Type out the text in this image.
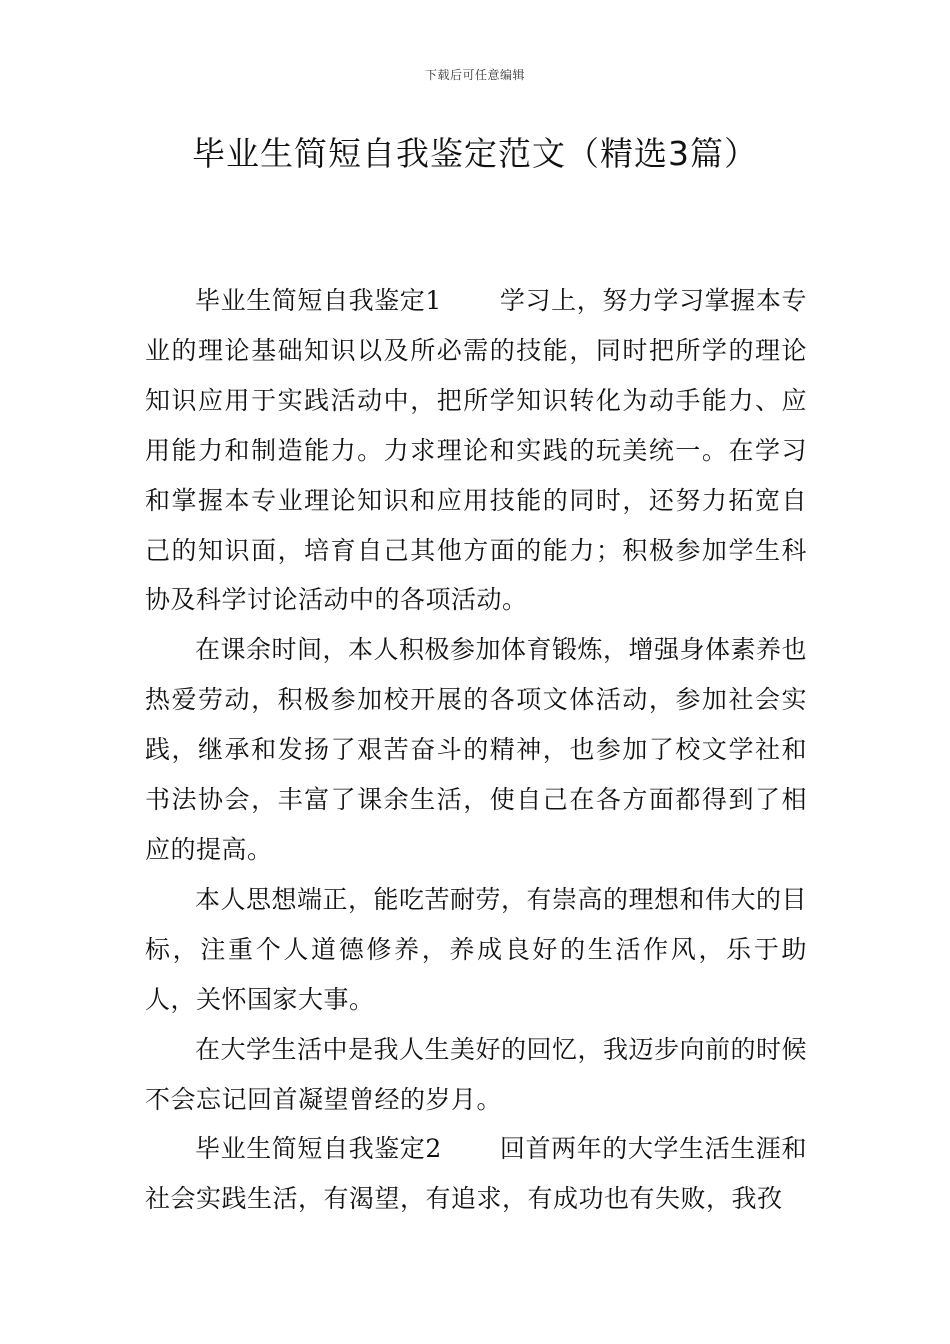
下载后可任意编辑
毕业生简短自我鉴定范文（精选3篇）

毕业生简短自我鉴定1 学习上，努力学习掌握本专业的理论基础知识以及所必需的技能，同时把所学的理论知识应用于实践活动中，把所学知识转化为动手能力、应用能力和制造能力。力求理论和实践的玩美统一。在学习和掌握本专业理论知识和应用技能的同时，还努力拓宽自己的知识面，培育自己其他方面的能力；积极参加学生科协及科学讨论活动中的各项活动。

在课余时间，本人积极参加体育锻炼，增强身体素养也热爱劳动，积极参加校开展的各项文体活动，参加社会实践，继承和发扬了艰苦奋斗的精神，也参加了校文学社和书法协会，丰富了课余生活，使自己在各方面都得到了相应的提高。

本人思想端正，能吃苦耐劳，有崇高的理想和伟大的目标，注重个人道德修养，养成良好的生活作风，乐于助人，关怀国家大事。

在大学生活中是我人生美好的回忆，我迈步向前的时候不会忘记回首凝望曾经的岁月。

毕业生简短自我鉴定2 回首两年的大学生活生涯和社会实践生活，有渴望，有追求，有成功也有失败，我孜
